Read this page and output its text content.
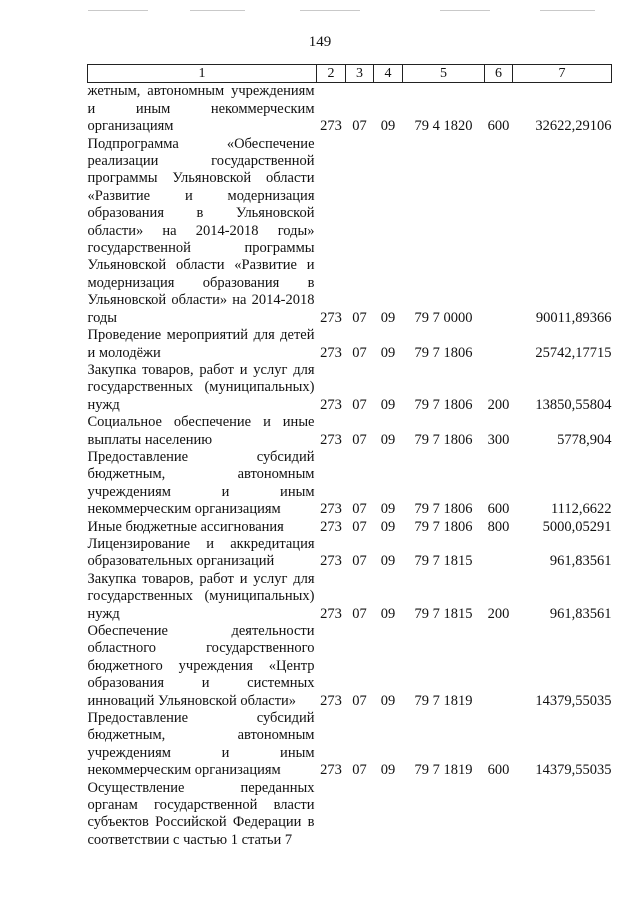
149
1	2	3	4	5	6	7
жетным, автономным учреждениям и иным некоммерческим организациям	273	07	09	79 4 1820	600	32622,29106
Подпрограмма «Обеспечение реализации государственной программы Ульяновской области «Развитие и модернизация образования в Ульяновской области» на 2014-2018 годы» государственной программы Ульяновской области «Развитие и модернизация образования в Ульяновской области» на 2014-2018 годы	273	07	09	79 7 0000		90011,89366
Проведение мероприятий для детей и молодёжи	273	07	09	79 7 1806		25742,17715
Закупка товаров, работ и услуг для государственных (муниципальных) нужд	273	07	09	79 7 1806	200	13850,55804
Социальное обеспечение и иные выплаты населению	273	07	09	79 7 1806	300	5778,904
Предоставление субсидий бюджетным, автономным учреждениям и иным некоммерческим организациям	273	07	09	79 7 1806	600	1112,6622
Иные бюджетные ассигнования	273	07	09	79 7 1806	800	5000,05291
Лицензирование и аккредитация образовательных организаций	273	07	09	79 7 1815		961,83561
Закупка товаров, работ и услуг для государственных (муниципальных) нужд	273	07	09	79 7 1815	200	961,83561
Обеспечение деятельности областного государственного бюджетного учреждения «Центр образования и системных инноваций Ульяновской области»	273	07	09	79 7 1819		14379,55035
Предоставление субсидий бюджетным, автономным учреждениям и иным некоммерческим организациям	273	07	09	79 7 1819	600	14379,55035
Осуществление переданных органам государственной власти субъектов Российской Федерации в соответствии с частью 1 статьи 7						
